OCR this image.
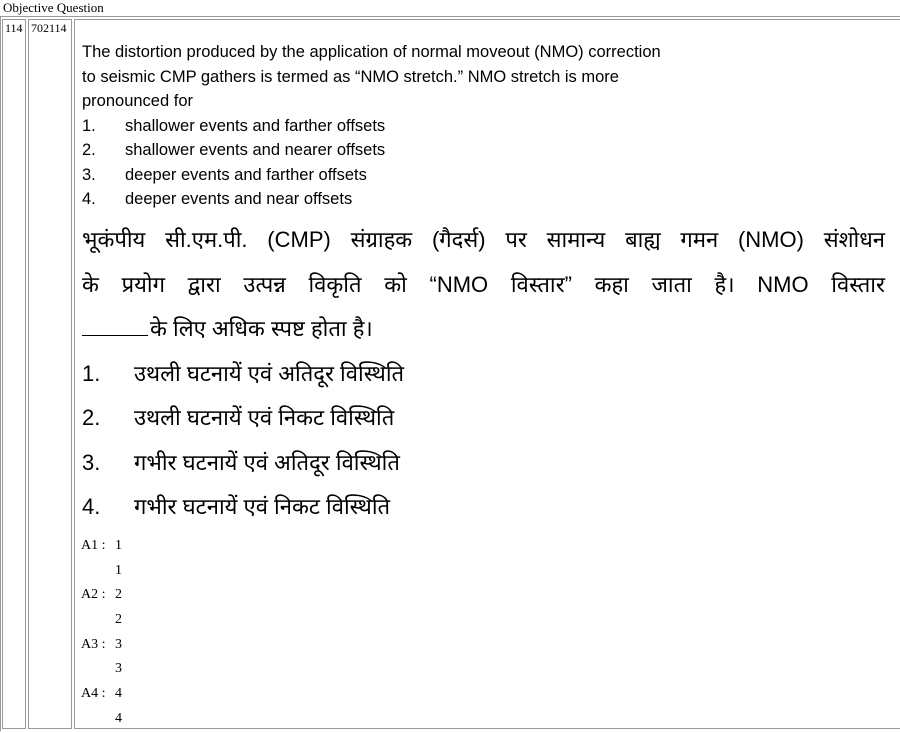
Objective Question
114 702114
The distortion produced by the application of normal moveout (NMO) correction
to seismic CMP gathers is termed as “NMO stretch.” NMO stretch is more
pronounced for
1.	shallower events and farther offsets
2.	shallower events and nearer offsets
3.	deeper events and farther offsets
4.	deeper events and near offsets
भूकंपीय सी.एम.पी. (CMP) संग्राहक (गैदर्स) पर सामान्य बाह्य गमन (NMO) संशोधन
के प्रयोग द्वारा उत्पन्न विकृति को “NMO विस्तार” कहा जाता है। NMO विस्तार
के लिए अधिक स्पष्ट होता है।
1.	उथली घटनायें एवं अतिदूर विस्थिति
2.	उथली घटनायें एवं निकट विस्थिति
3.	गभीर घटनायें एवं अतिदूर विस्थिति
4.	गभीर घटनायें एवं निकट विस्थिति
A1 : 1
1
A2 : 2
2
A3 : 3
3
A4 : 4
4
